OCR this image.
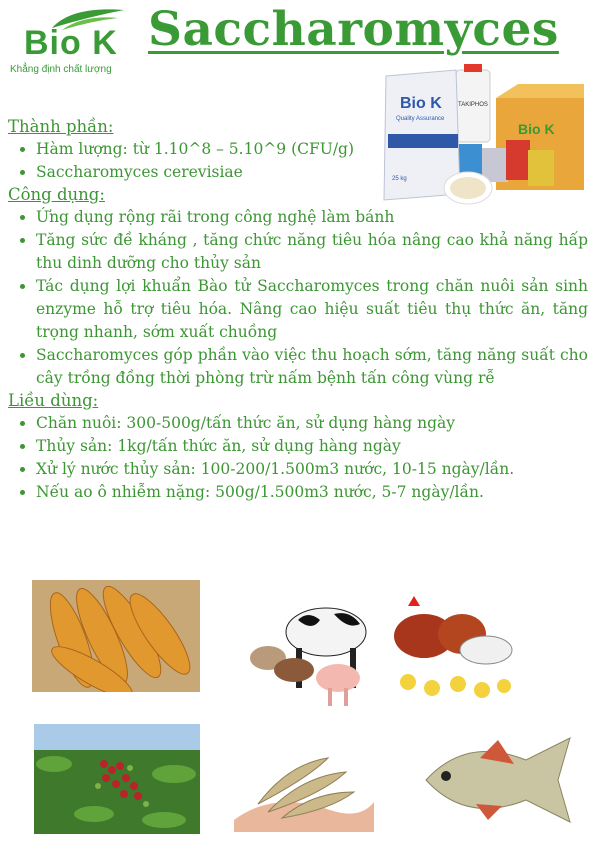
Bio K
Khẳng định chất lượng
Saccharomyces
Bio K
TAKIPHOS
Bio K
Quality Assurance
25 kg

Thành phần:

• Hàm lượng: từ 1.10^8 – 5.10^9 (CFU/g)
• Saccharomyces cerevisiae

Công dụng:

• Ứng dụng rộng rãi trong công nghệ làm bánh
• Tăng sức đề kháng , tăng chức năng tiêu hóa nâng cao khả năng hấp thu dinh dưỡng cho thủy sản
• Tác dụng lợi khuẩn Bào tử Saccharomyces trong chăn nuôi sản sinh enzyme hỗ trợ tiêu hóa. Nâng cao hiệu suất tiêu thụ thức ăn, tăng trọng nhanh, sớm xuất chuồng
• Saccharomyces góp phần vào việc thu hoạch sớm, tăng năng suất cho cây trồng đồng thời phòng trừ nấm bệnh tấn công vùng rễ

Liều dùng:

• Chăn nuôi: 300-500g/tấn thức ăn, sử dụng hàng ngày
• Thủy sản: 1kg/tấn thức ăn, sử dụng hàng ngày
• Xử lý nước thủy sản: 100-200/1.500m3 nước, 10-15 ngày/lần.
• Nếu ao ô nhiễm nặng: 500g/1.500m3 nước, 5-7 ngày/lần.
